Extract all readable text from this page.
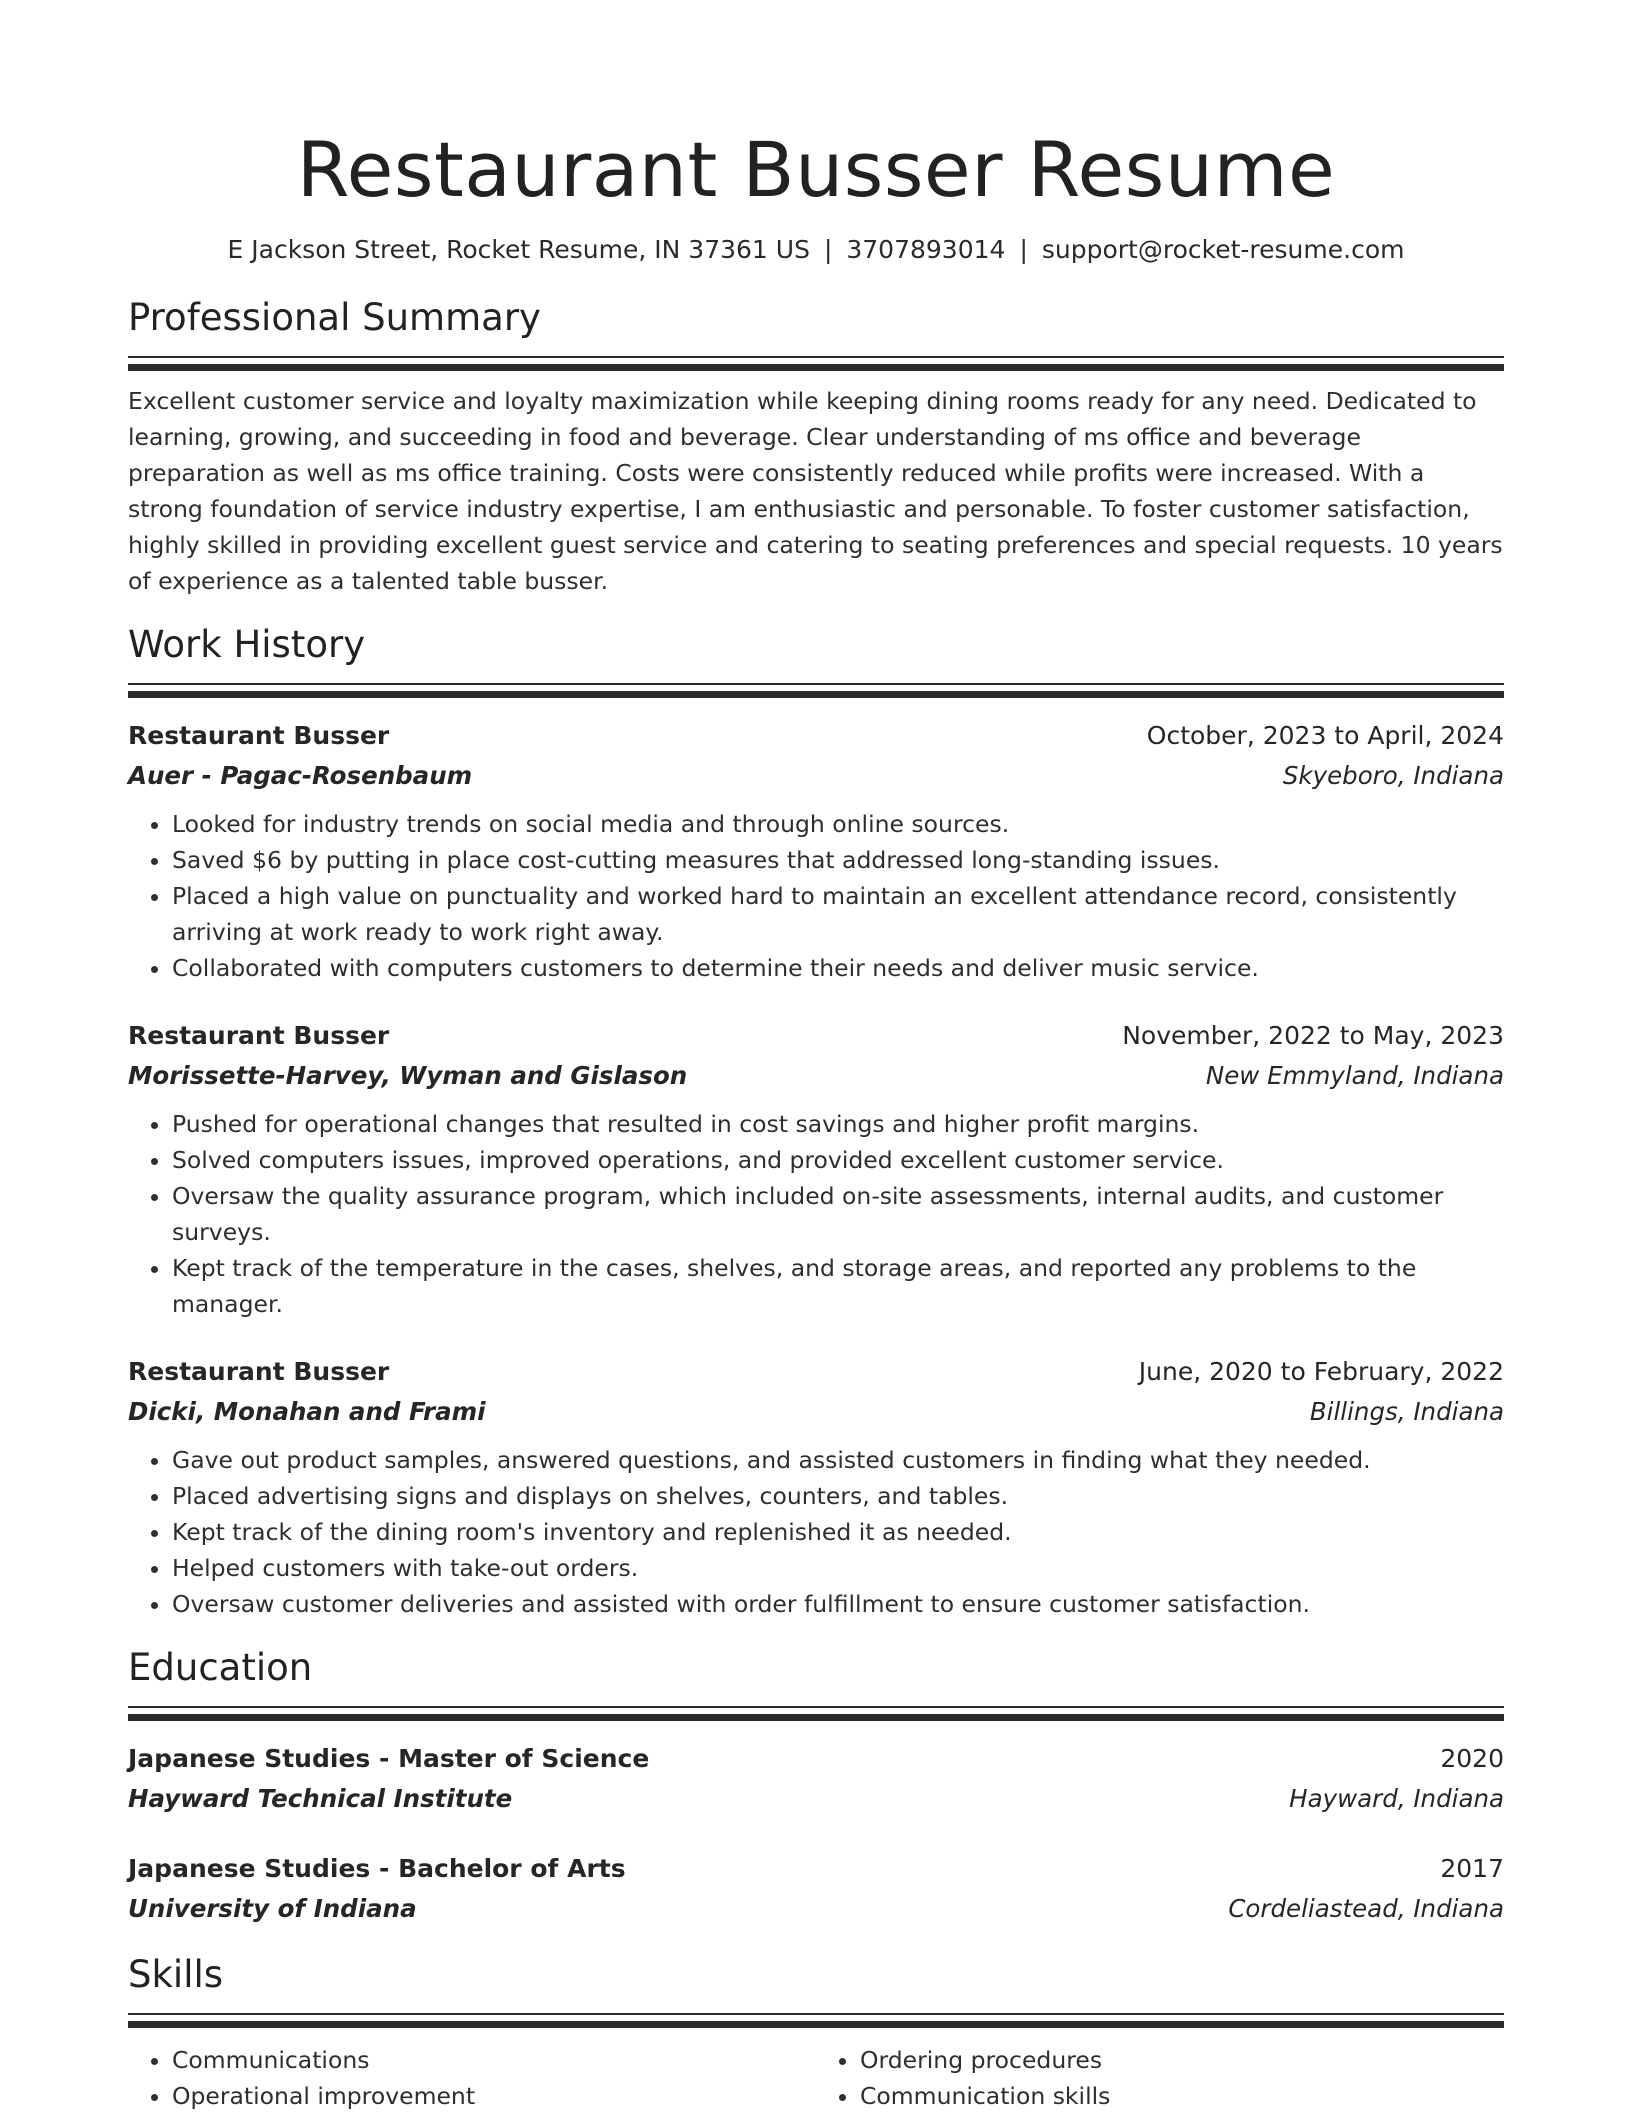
Restaurant Busser Resume
E Jackson Street, Rocket Resume, IN 37361 US | 3707893014 | support@rocket-resume.com
Professional Summary
Excellent customer service and loyalty maximization while keeping dining rooms ready for any need. Dedicated to learning, growing, and succeeding in food and beverage. Clear understanding of ms office and beverage preparation as well as ms office training. Costs were consistently reduced while profits were increased. With a strong foundation of service industry expertise, I am enthusiastic and personable. To foster customer satisfaction, highly skilled in providing excellent guest service and catering to seating preferences and special requests. 10 years of experience as a talented table busser.
Work History
Restaurant Busser	October, 2023 to April, 2024
Auer - Pagac-Rosenbaum	Skyeboro, Indiana
• Looked for industry trends on social media and through online sources.
• Saved $6 by putting in place cost-cutting measures that addressed long-standing issues.
• Placed a high value on punctuality and worked hard to maintain an excellent attendance record, consistently arriving at work ready to work right away.
• Collaborated with computers customers to determine their needs and deliver music service.
Restaurant Busser	November, 2022 to May, 2023
Morissette-Harvey, Wyman and Gislason	New Emmyland, Indiana
• Pushed for operational changes that resulted in cost savings and higher profit margins.
• Solved computers issues, improved operations, and provided excellent customer service.
• Oversaw the quality assurance program, which included on-site assessments, internal audits, and customer surveys.
• Kept track of the temperature in the cases, shelves, and storage areas, and reported any problems to the manager.
Restaurant Busser	June, 2020 to February, 2022
Dicki, Monahan and Frami	Billings, Indiana
• Gave out product samples, answered questions, and assisted customers in finding what they needed.
• Placed advertising signs and displays on shelves, counters, and tables.
• Kept track of the dining room's inventory and replenished it as needed.
• Helped customers with take-out orders.
• Oversaw customer deliveries and assisted with order fulfillment to ensure customer satisfaction.
Education
Japanese Studies - Master of Science	2020
Hayward Technical Institute	Hayward, Indiana
Japanese Studies - Bachelor of Arts	2017
University of Indiana	Cordeliastead, Indiana
Skills
• Communications
• Operational improvement
• Ordering procedures
• Communication skills
